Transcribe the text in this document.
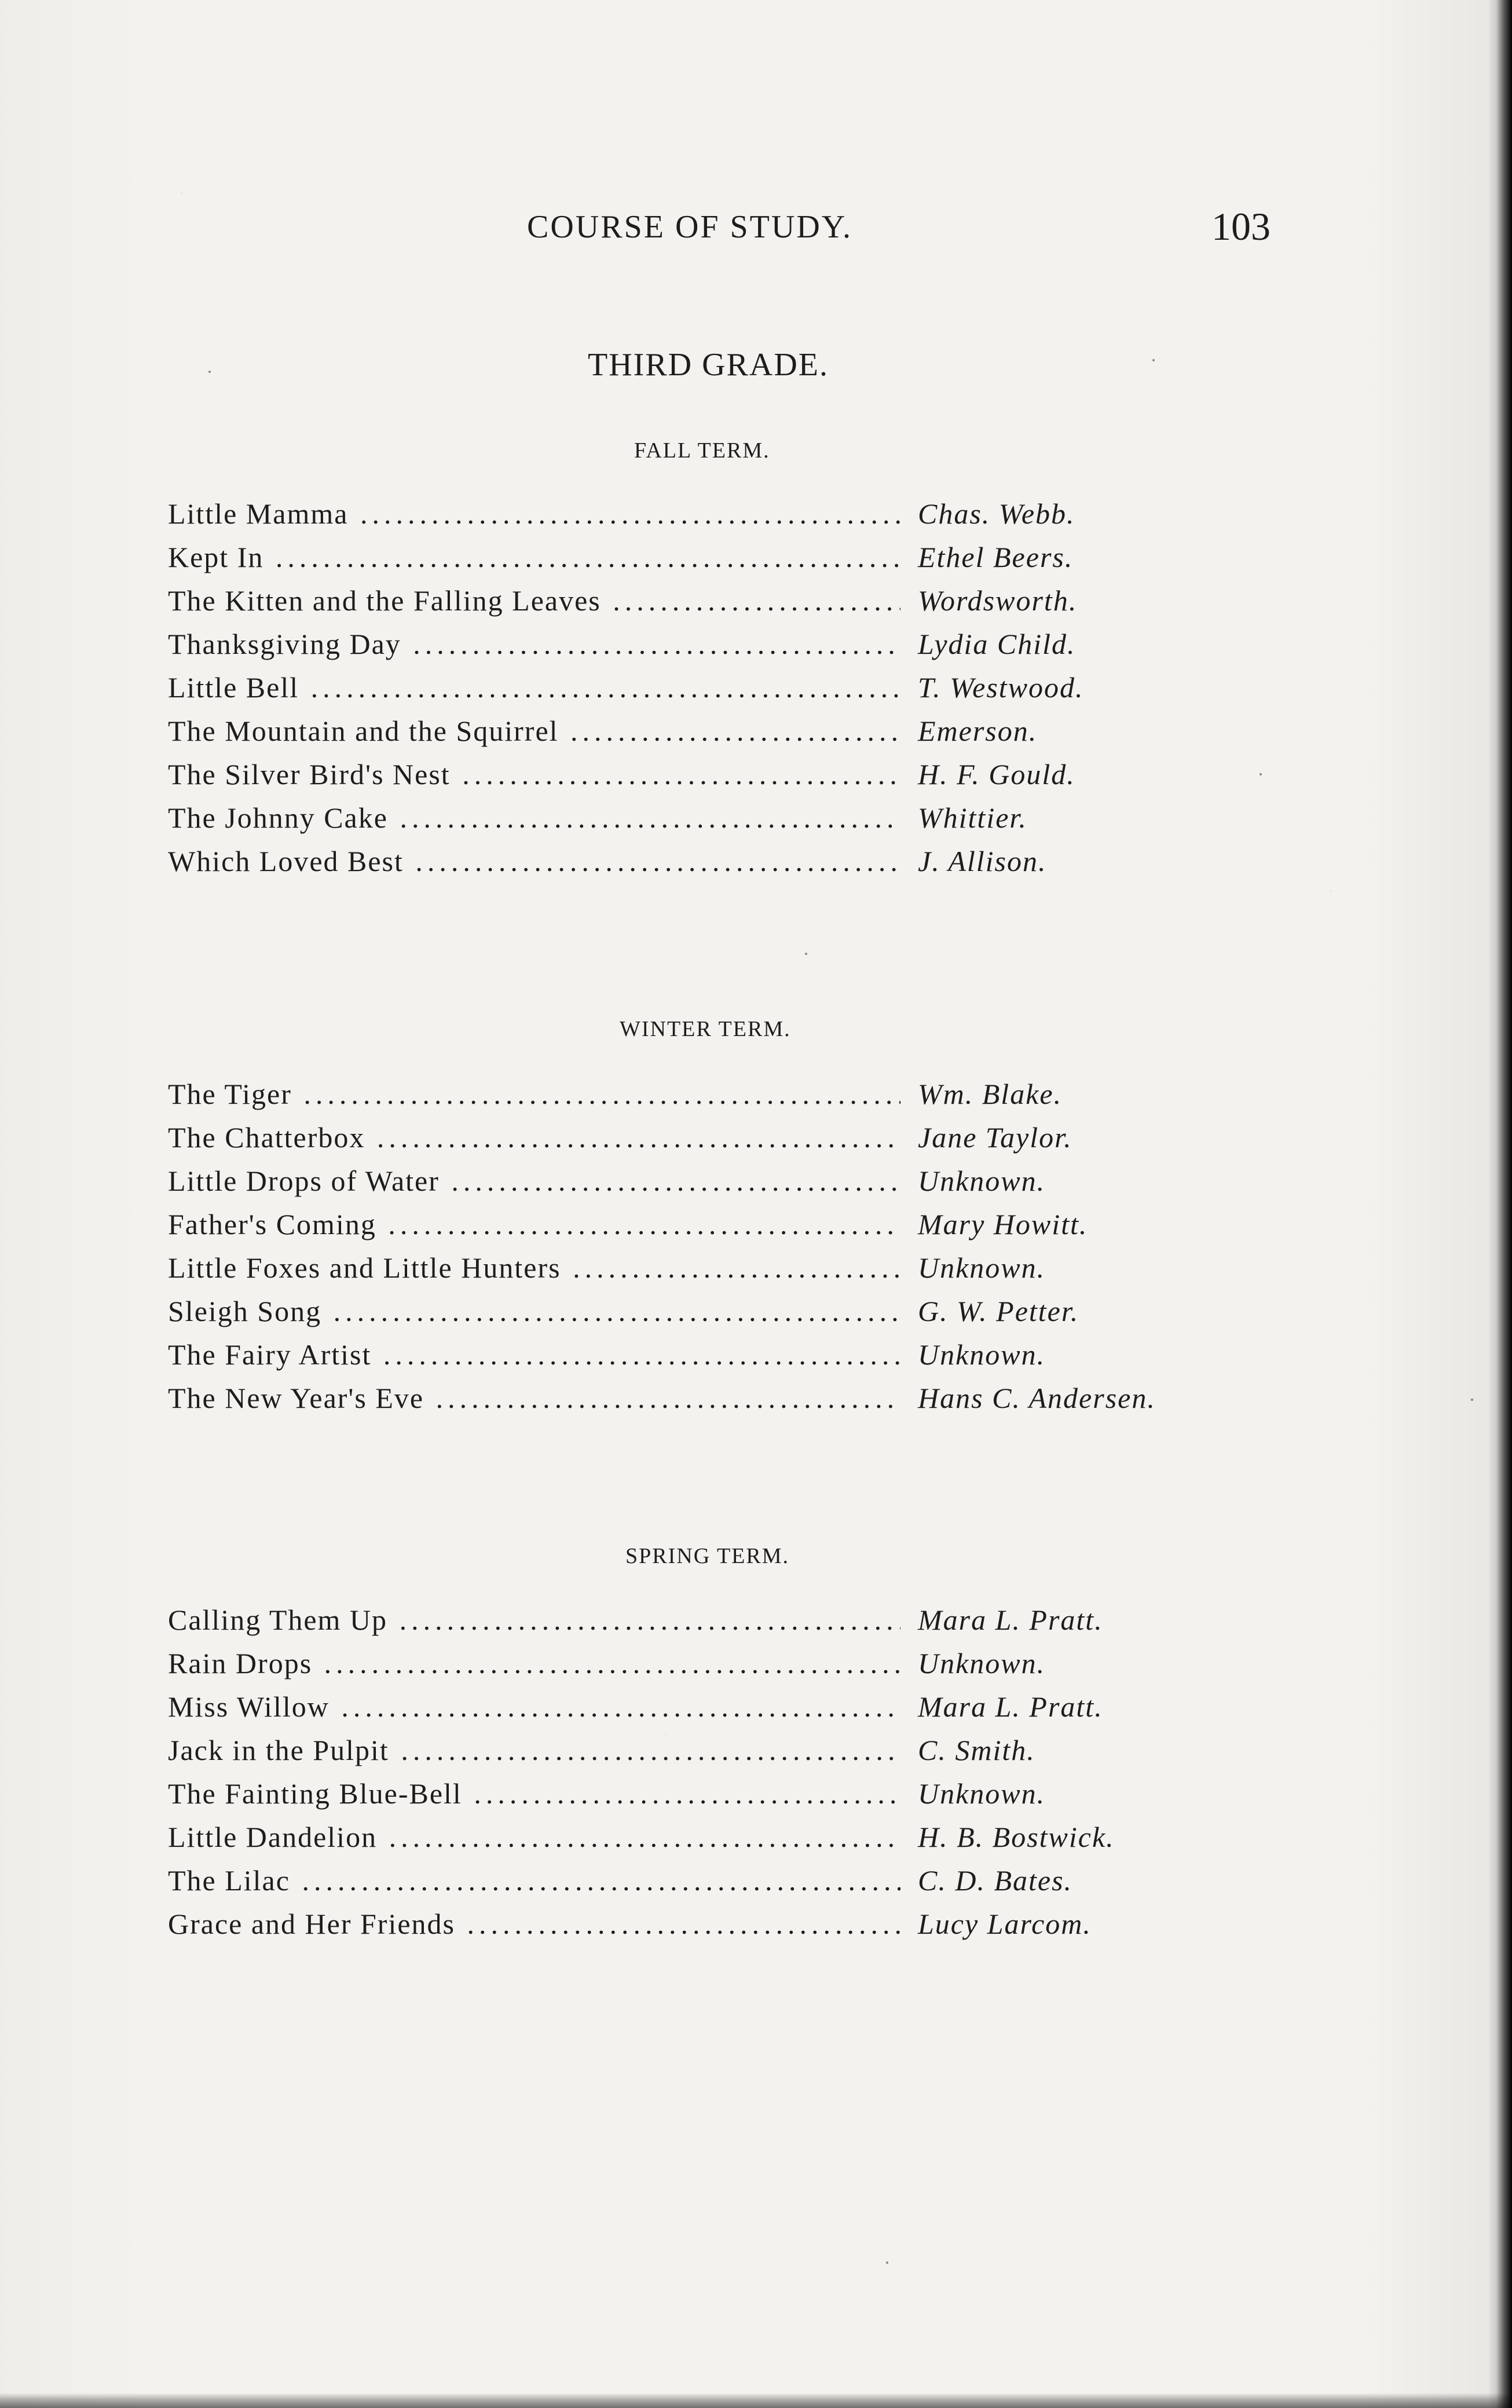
COURSE OF STUDY.	103
THIRD GRADE.
FALL TERM.
Little Mamma .....	Chas. Webb.
Kept In .....	Ethel Beers.
The Kitten and the Falling Leaves .....	Wordsworth.
Thanksgiving Day .....	Lydia Child.
Little Bell .....	T. Westwood.
The Mountain and the Squirrel .....	Emerson.
The Silver Bird's Nest .....	H. F. Gould.
The Johnny Cake .....	Whittier.
Which Loved Best .....	J. Allison.
WINTER TERM.
The Tiger .....	Wm. Blake.
The Chatterbox .....	Jane Taylor.
Little Drops of Water .....	Unknown.
Father's Coming .....	Mary Howitt.
Little Foxes and Little Hunters .....	Unknown.
Sleigh Song .....	G. W. Petter.
The Fairy Artist .....	Unknown.
The New Year's Eve .....	Hans C. Andersen.
SPRING TERM.
Calling Them Up .....	Mara L. Pratt.
Rain Drops .....	Unknown.
Miss Willow .....	Mara L. Pratt.
Jack in the Pulpit .....	C. Smith.
The Fainting Blue-Bell .....	Unknown.
Little Dandelion .....	H. B. Bostwick.
The Lilac .....	C. D. Bates.
Grace and Her Friends .....	Lucy Larcom.
